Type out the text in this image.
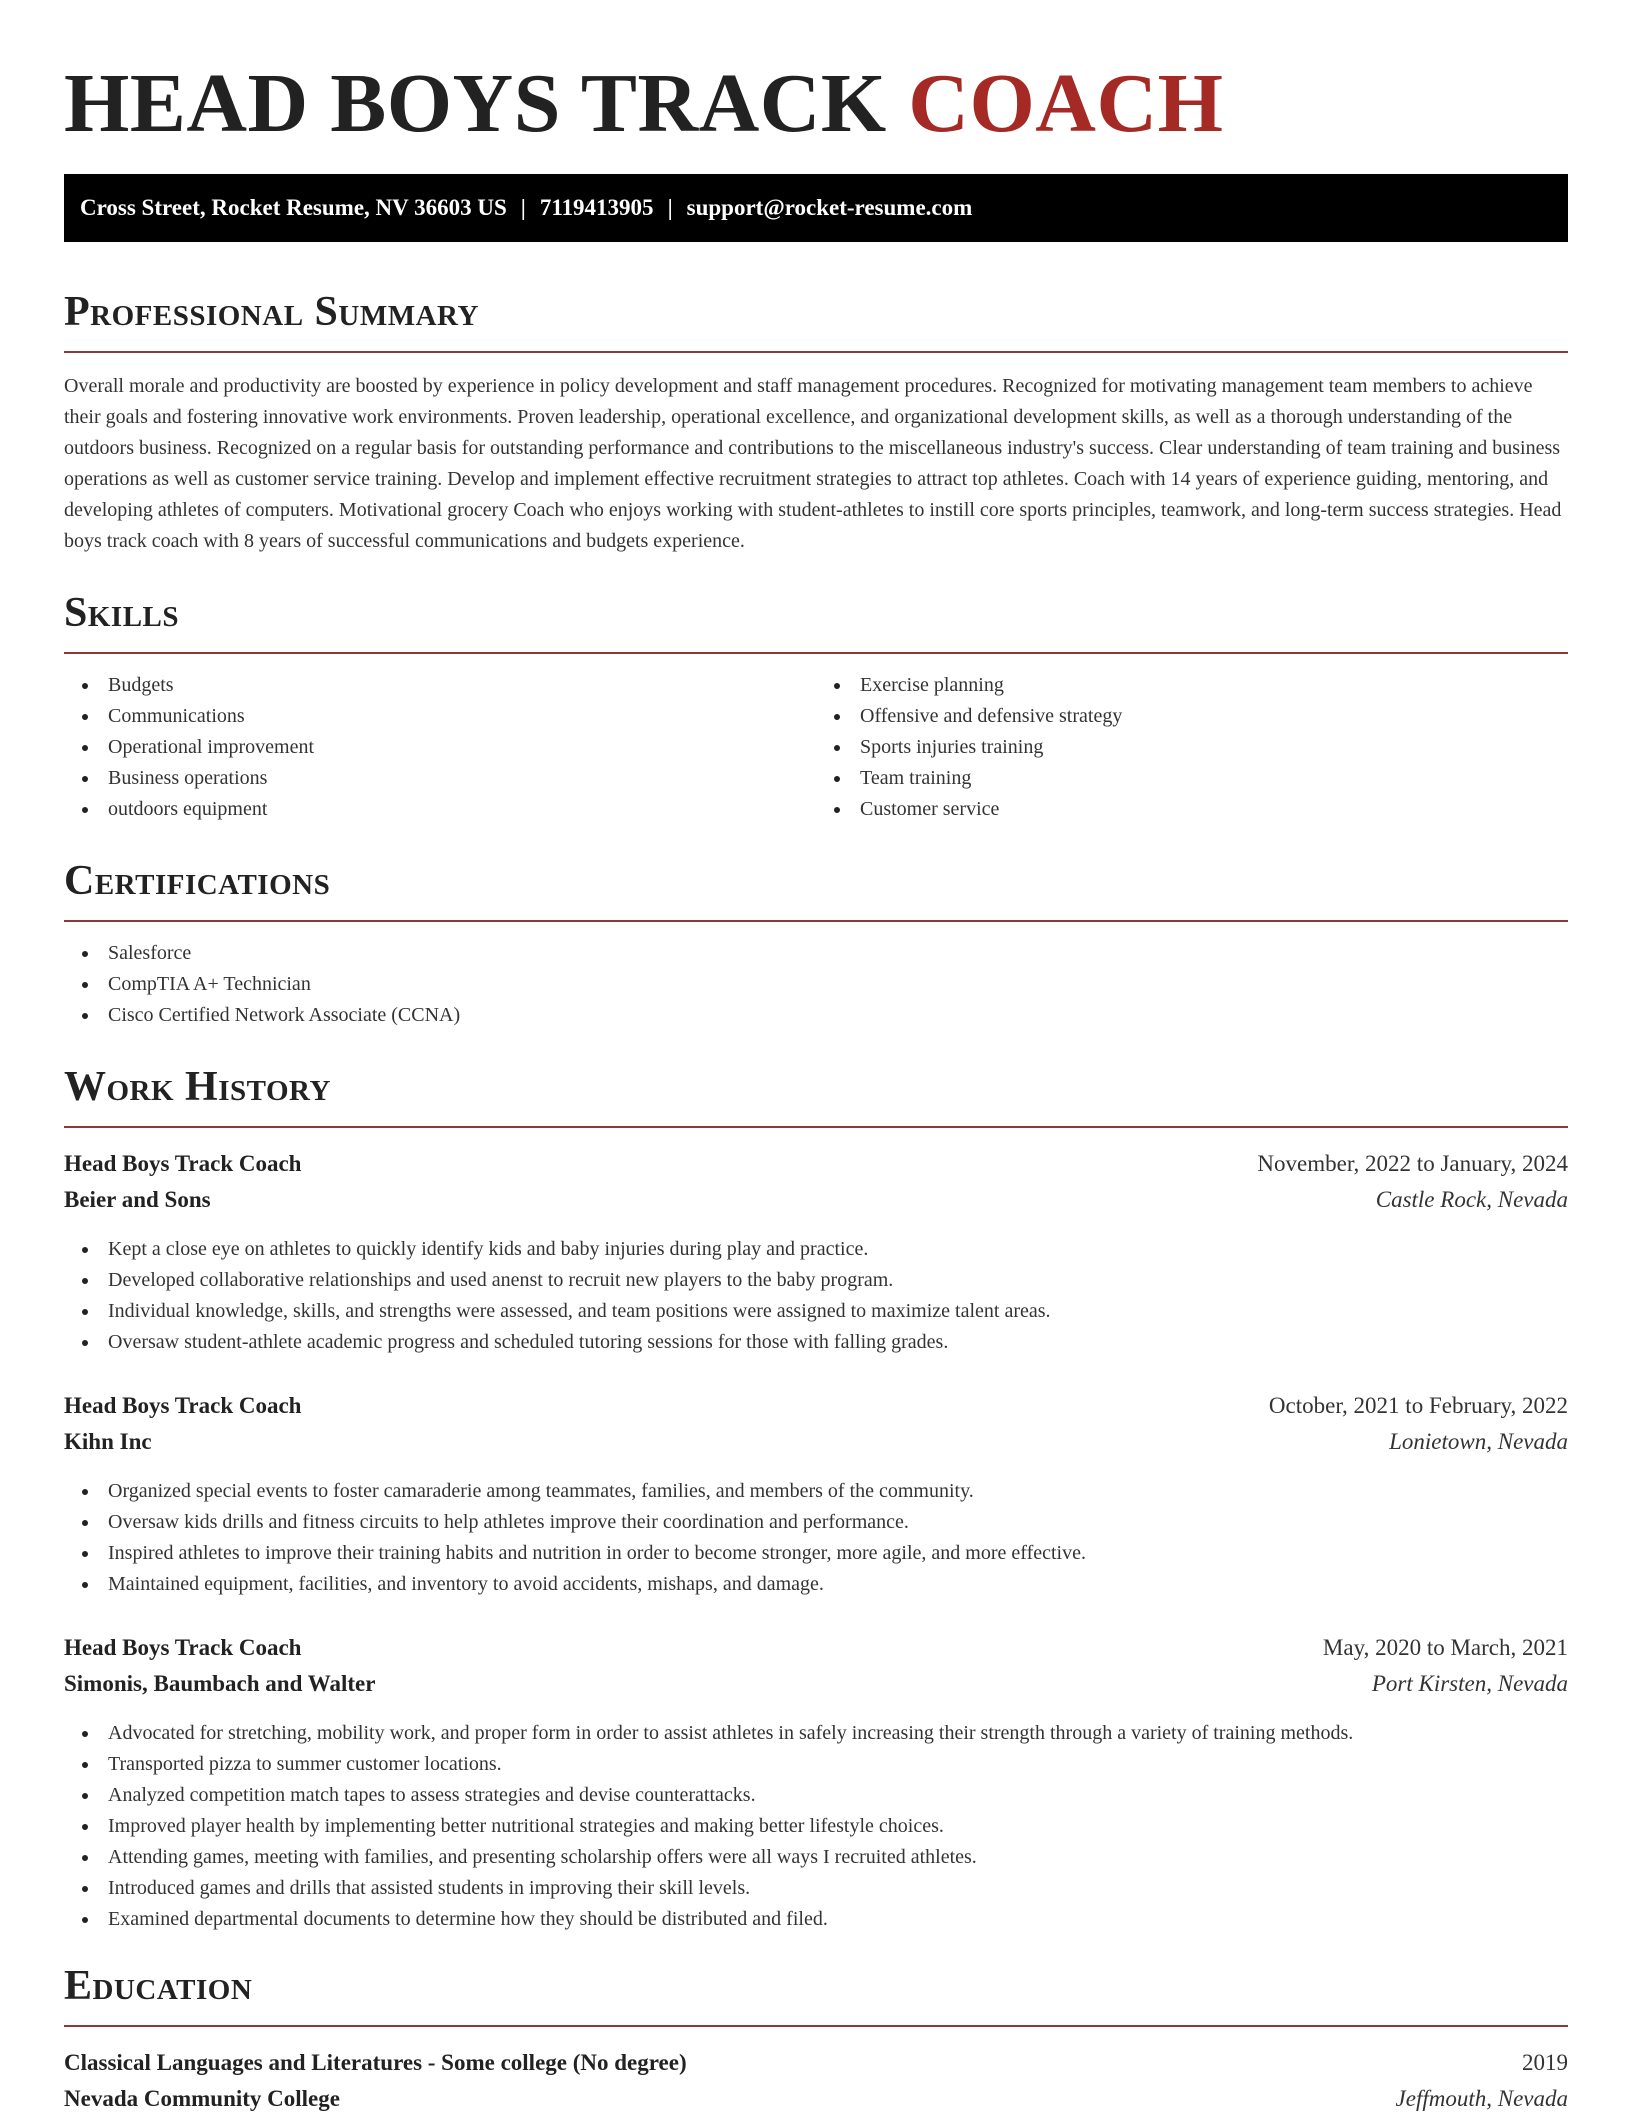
HEAD BOYS TRACK COACH
Cross Street, Rocket Resume, NV 36603 US | 7119413905 | support@rocket-resume.com
Professional Summary

Overall morale and productivity are boosted by experience in policy development and staff management procedures. Recognized for motivating management team members to achieve their goals and fostering innovative work environments. Proven leadership, operational excellence, and organizational development skills, as well as a thorough understanding of the outdoors business. Recognized on a regular basis for outstanding performance and contributions to the miscellaneous industry's success. Clear understanding of team training and business operations as well as customer service training. Develop and implement effective recruitment strategies to attract top athletes. Coach with 14 years of experience guiding, mentoring, and developing athletes of computers. Motivational grocery Coach who enjoys working with student-athletes to instill core sports principles, teamwork, and long-term success strategies. Head boys track coach with 8 years of successful communications and budgets experience.

Skills
Budgets
Communications
Operational improvement
Business operations
outdoors equipment
Exercise planning
Offensive and defensive strategy
Sports injuries training
Team training
Customer service
Certifications
Salesforce
CompTIA A+ Technician
Cisco Certified Network Associate (CCNA)
Work History
Head Boys Track Coach	November, 2022 to January, 2024
Beier and Sons	Castle Rock, Nevada
Kept a close eye on athletes to quickly identify kids and baby injuries during play and practice.
Developed collaborative relationships and used anenst to recruit new players to the baby program.
Individual knowledge, skills, and strengths were assessed, and team positions were assigned to maximize talent areas.
Oversaw student-athlete academic progress and scheduled tutoring sessions for those with falling grades.
Head Boys Track Coach	October, 2021 to February, 2022
Kihn Inc	Lonietown, Nevada
Organized special events to foster camaraderie among teammates, families, and members of the community.
Oversaw kids drills and fitness circuits to help athletes improve their coordination and performance.
Inspired athletes to improve their training habits and nutrition in order to become stronger, more agile, and more effective.
Maintained equipment, facilities, and inventory to avoid accidents, mishaps, and damage.
Head Boys Track Coach	May, 2020 to March, 2021
Simonis, Baumbach and Walter	Port Kirsten, Nevada
Advocated for stretching, mobility work, and proper form in order to assist athletes in safely increasing their strength through a variety of training methods.
Transported pizza to summer customer locations.
Analyzed competition match tapes to assess strategies and devise counterattacks.
Improved player health by implementing better nutritional strategies and making better lifestyle choices.
Attending games, meeting with families, and presenting scholarship offers were all ways I recruited athletes.
Introduced games and drills that assisted students in improving their skill levels.
Examined departmental documents to determine how they should be distributed and filed.
Education
Classical Languages and Literatures - Some college (No degree)	2019
Nevada Community College	Jeffmouth, Nevada
